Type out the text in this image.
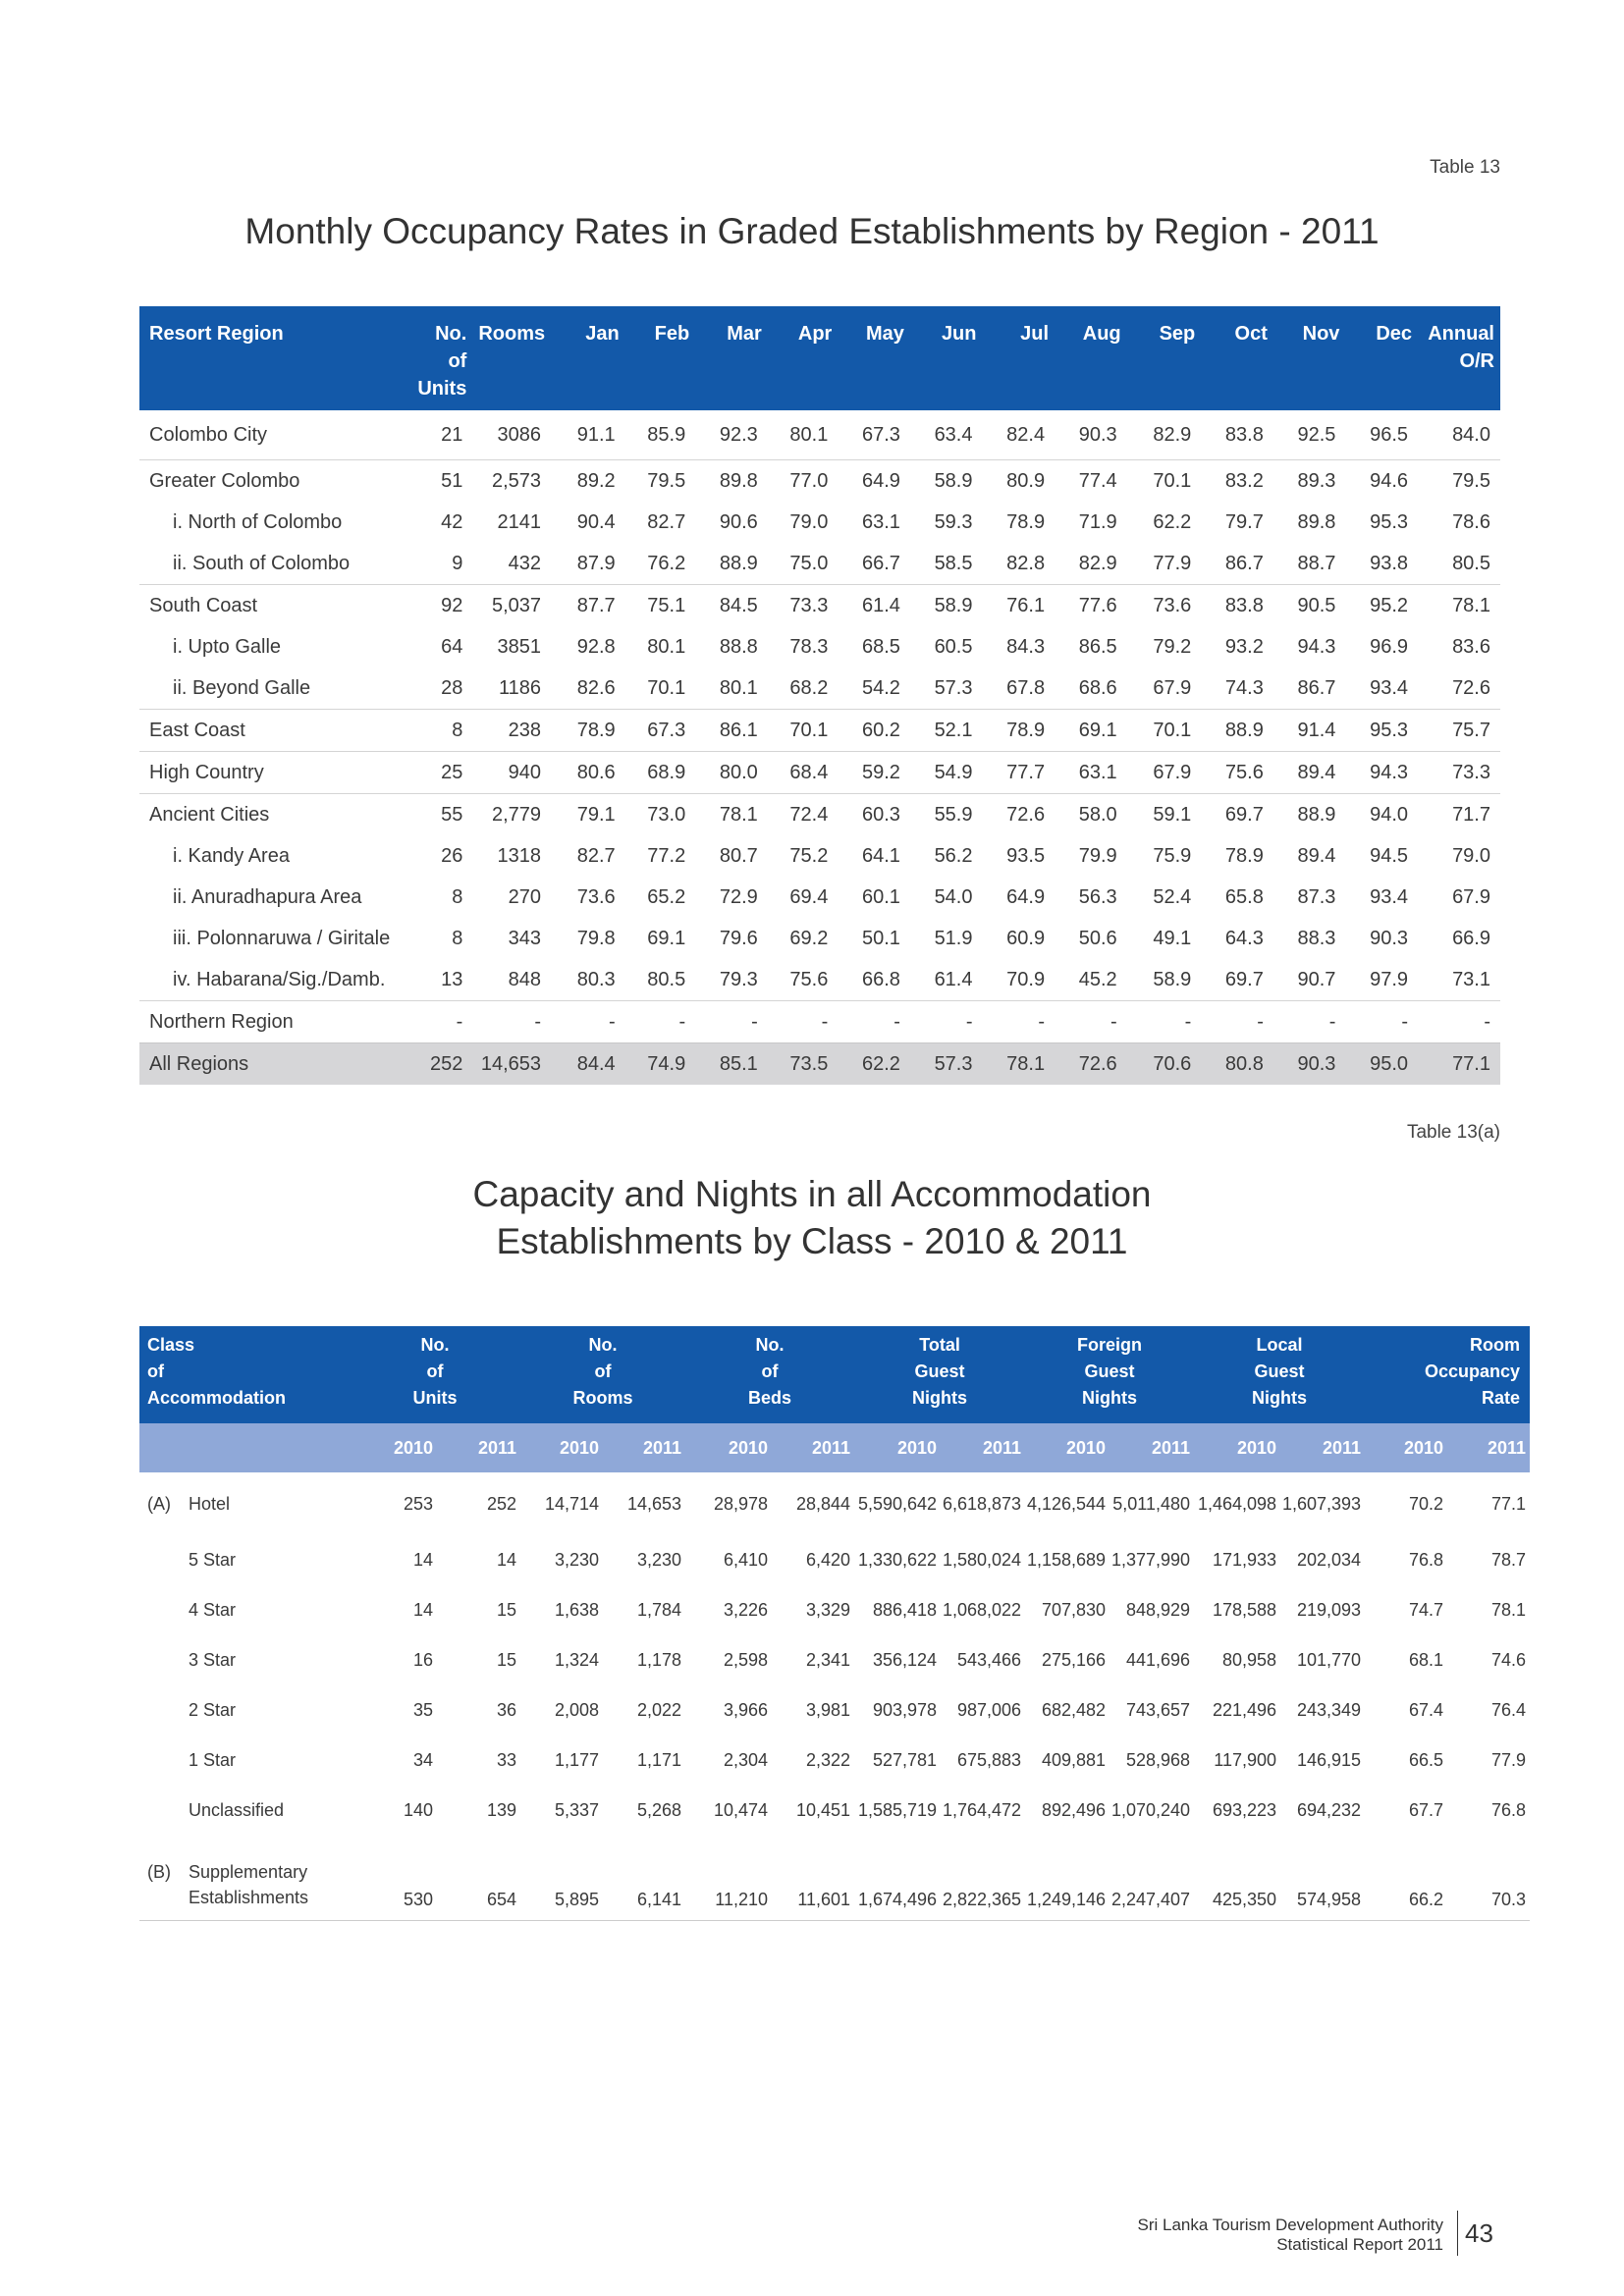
Table 13
Monthly Occupancy Rates in Graded Establishments by Region - 2011
Resort Region	No. of
Units	Rooms	Jan	Feb	Mar	Apr	May	Jun	Jul	Aug	Sep	Oct	Nov	Dec	Annual
O/R
Colombo City	21	3086	91.1	85.9	92.3	80.1	67.3	63.4	82.4	90.3	82.9	83.8	92.5	96.5	84.0
Greater Colombo	51	2,573	89.2	79.5	89.8	77.0	64.9	58.9	80.9	77.4	70.1	83.2	89.3	94.6	79.5
i. North of Colombo	42	2141	90.4	82.7	90.6	79.0	63.1	59.3	78.9	71.9	62.2	79.7	89.8	95.3	78.6
ii. South of Colombo	9	432	87.9	76.2	88.9	75.0	66.7	58.5	82.8	82.9	77.9	86.7	88.7	93.8	80.5
South Coast	92	5,037	87.7	75.1	84.5	73.3	61.4	58.9	76.1	77.6	73.6	83.8	90.5	95.2	78.1
i. Upto Galle	64	3851	92.8	80.1	88.8	78.3	68.5	60.5	84.3	86.5	79.2	93.2	94.3	96.9	83.6
ii. Beyond Galle	28	1186	82.6	70.1	80.1	68.2	54.2	57.3	67.8	68.6	67.9	74.3	86.7	93.4	72.6
East Coast	8	238	78.9	67.3	86.1	70.1	60.2	52.1	78.9	69.1	70.1	88.9	91.4	95.3	75.7
High Country	25	940	80.6	68.9	80.0	68.4	59.2	54.9	77.7	63.1	67.9	75.6	89.4	94.3	73.3
Ancient Cities	55	2,779	79.1	73.0	78.1	72.4	60.3	55.9	72.6	58.0	59.1	69.7	88.9	94.0	71.7
i. Kandy Area	26	1318	82.7	77.2	80.7	75.2	64.1	56.2	93.5	79.9	75.9	78.9	89.4	94.5	79.0
ii. Anuradhapura Area	8	270	73.6	65.2	72.9	69.4	60.1	54.0	64.9	56.3	52.4	65.8	87.3	93.4	67.9
iii. Polonnaruwa / Giritale	8	343	79.8	69.1	79.6	69.2	50.1	51.9	60.9	50.6	49.1	64.3	88.3	90.3	66.9
iv. Habarana/Sig./Damb.	13	848	80.3	80.5	79.3	75.6	66.8	61.4	70.9	45.2	58.9	69.7	90.7	97.9	73.1
Northern Region	-	-	-	-	-	-	-	-	-	-	-	-	-	-	-
All Regions	252	14,653	84.4	74.9	85.1	73.5	62.2	57.3	78.1	72.6	70.6	80.8	90.3	95.0	77.1
Table 13(a)
Capacity and Nights in all Accommodation
Establishments by Class - 2010 & 2011
Class
of
Accommodation	No.
of
Units		No.
of
Rooms		No.
of
Beds		Total
Guest
Nights		Foreign
Guest
Nights		Local
Guest
Nights		Room
Occupancy
Rate	
	2010	2011	2010	2011	2010	2011	2010	2011	2010	2011	2010	2011	2010	2011
(A) Hotel	253	252	14,714	14,653	28,978	28,844	5,590,642	6,618,873	4,126,544	5,011,480	1,464,098	1,607,393	70.2	77.1
5 Star	14	14	3,230	3,230	6,410	6,420	1,330,622	1,580,024	1,158,689	1,377,990	171,933	202,034	76.8	78.7
4 Star	14	15	1,638	1,784	3,226	3,329	886,418	1,068,022	707,830	848,929	178,588	219,093	74.7	78.1
3 Star	16	15	1,324	1,178	2,598	2,341	356,124	543,466	275,166	441,696	80,958	101,770	68.1	74.6
2 Star	35	36	2,008	2,022	3,966	3,981	903,978	987,006	682,482	743,657	221,496	243,349	67.4	76.4
1 Star	34	33	1,177	1,171	2,304	2,322	527,781	675,883	409,881	528,968	117,900	146,915	66.5	77.9
Unclassified	140	139	5,337	5,268	10,474	10,451	1,585,719	1,764,472	892,496	1,070,240	693,223	694,232	67.7	76.8
(B) Supplementary
Establishments	530	654	5,895	6,141	11,210	11,601	1,674,496	2,822,365	1,249,146	2,247,407	425,350	574,958	66.2	70.3
Sri Lanka Tourism Development Authority
Statistical Report 2011 43
